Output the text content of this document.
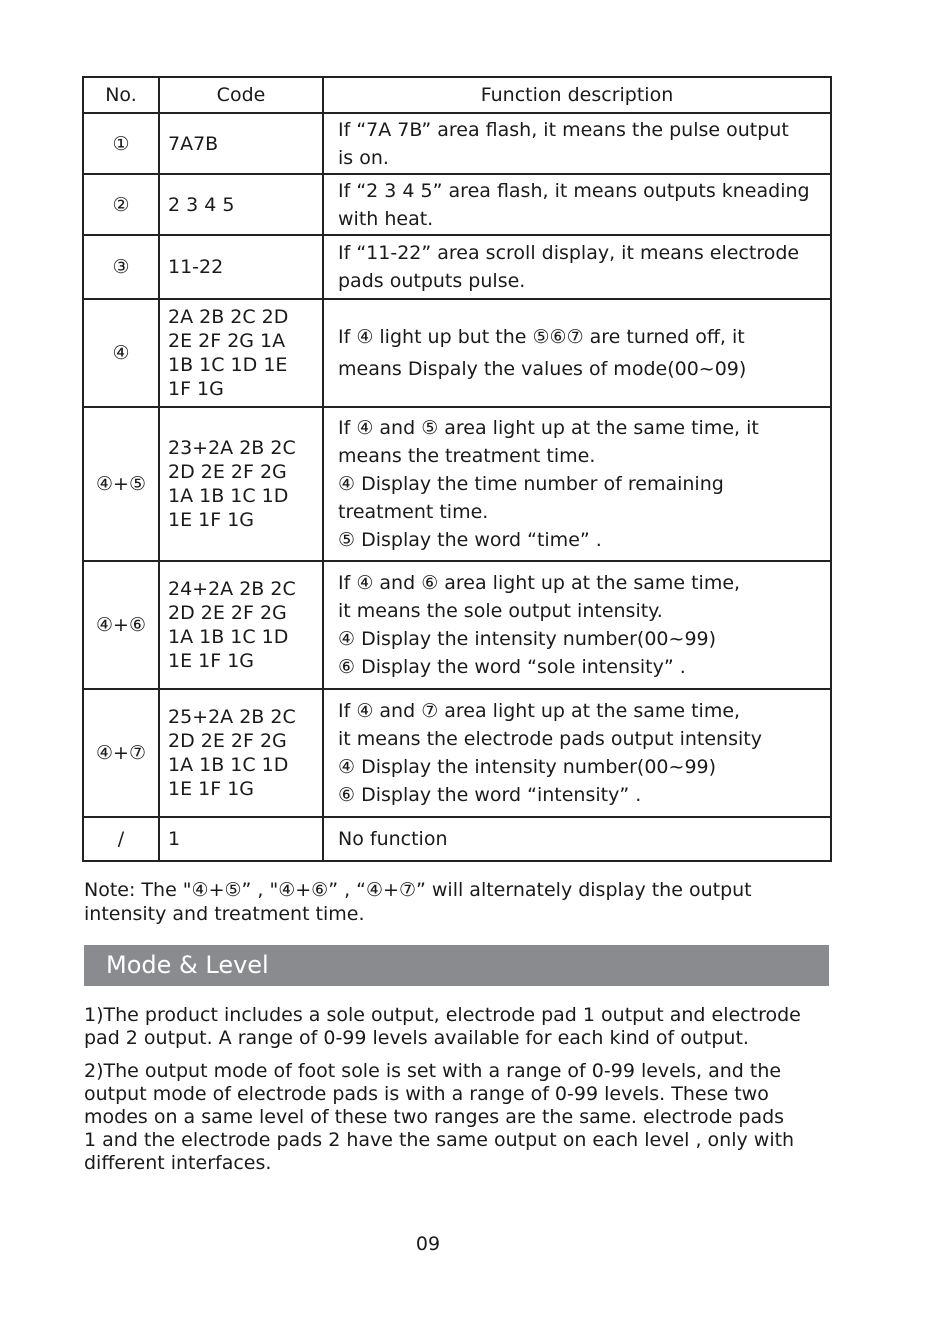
No.	Code	Function description
①	7A7B	If “7A 7B” area flash, it means the pulse output
is on.

②	2 3 4 5	If “2 3 4 5” area flash, it means outputs kneading
with heat.

③	11-22	If “11-22” area scroll display, it means electrode
pads outputs pulse.

④	2A 2B 2C 2D
2E 2F 2G 1A
1B 1C 1D 1E
1F 1G	If ④ light up but the ⑤⑥⑦ are turned off, it
means Dispaly the values of mode(00~09)

④+⑤	23+2A 2B 2C
2D 2E 2F 2G
1A 1B 1C 1D
1E 1F 1G	If ④ and ⑤ area light up at the same time, it
means the treatment time.
④ Display the time number of remaining
treatment time.
⑤ Display the word “time” .

④+⑥	24+2A 2B 2C
2D 2E 2F 2G
1A 1B 1C 1D
1E 1F 1G	If ④ and ⑥ area light up at the same time,
it means the sole output intensity.
④ Display the intensity number(00~99)
⑥ Display the word “sole intensity” .

④+⑦	25+2A 2B 2C
2D 2E 2F 2G
1A 1B 1C 1D
1E 1F 1G	If ④ and ⑦ area light up at the same time,
it means the electrode pads output intensity
④ Display the intensity number(00~99)
⑥ Display the word “intensity” .

/	1	No function
Note: The "④+⑤” , "④+⑥” , “④+⑦” will alternately display the output
intensity and treatment time.
Mode & Level
1)The product includes a sole output, electrode pad 1 output and electrode
pad 2 output. A range of 0-99 levels available for each kind of output.
2)The output mode of foot sole is set with a range of 0-99 levels, and the
output mode of electrode pads is with a range of 0-99 levels. These two
modes on a same level of these two ranges are the same. electrode pads
1 and the electrode pads 2 have the same output on each level , only with
different interfaces.
09
